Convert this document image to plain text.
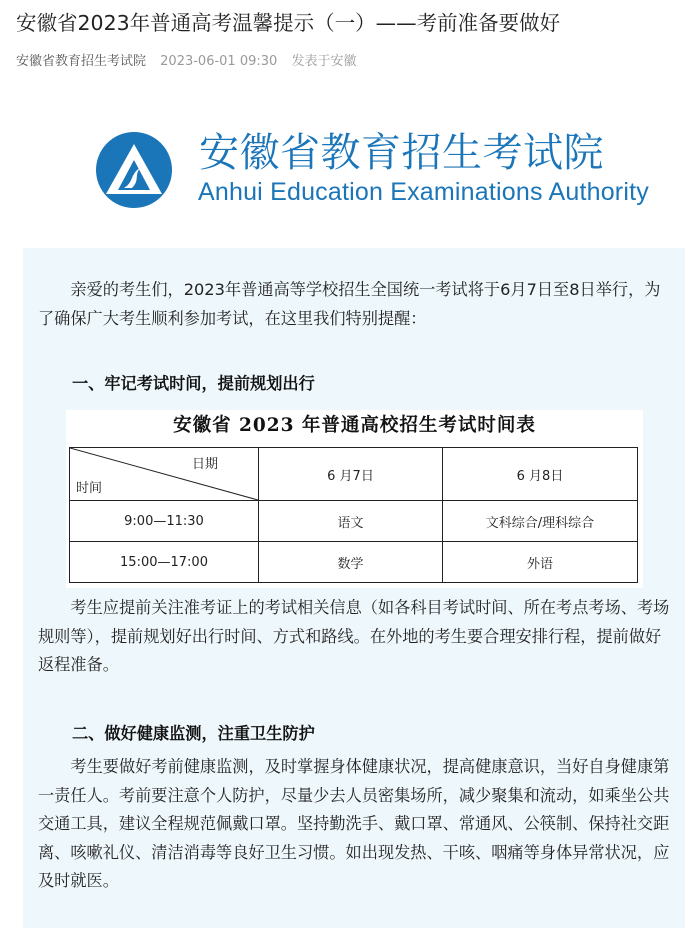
安徽省2023年普通高考温馨提示（一）——考前准备要做好
安徽省教育招生考试院 2023-06-01 09:30 发表于安徽
安徽省教育招生考试院
Anhui Education Examinations Authority
亲爱的考生们，2023年普通高等学校招生全国统一考试将于6月7日至8日举行，为了确保广大考生顺利参加考试，在这里我们特别提醒：
一、牢记考试时间，提前规划出行
安徽省 2023 年普通高校招生考试时间表
日期
时间	6 月7日	6 月8日
9:00—11:30	语文	文科综合/理科综合
15:00—17:00	数学	外语
考生应提前关注准考证上的考试相关信息（如各科目考试时间、所在考点考场、考场规则等），提前规划好出行时间、方式和路线。在外地的考生要合理安排行程，提前做好返程准备。
二、做好健康监测，注重卫生防护
考生要做好考前健康监测，及时掌握身体健康状况，提高健康意识，当好自身健康第一责任人。考前要注意个人防护，尽量少去人员密集场所，减少聚集和流动，如乘坐公共交通工具，建议全程规范佩戴口罩。坚持勤洗手、戴口罩、常通风、公筷制、保持社交距离、咳嗽礼仪、清洁消毒等良好卫生习惯。如出现发热、干咳、咽痛等身体异常状况，应及时就医。
